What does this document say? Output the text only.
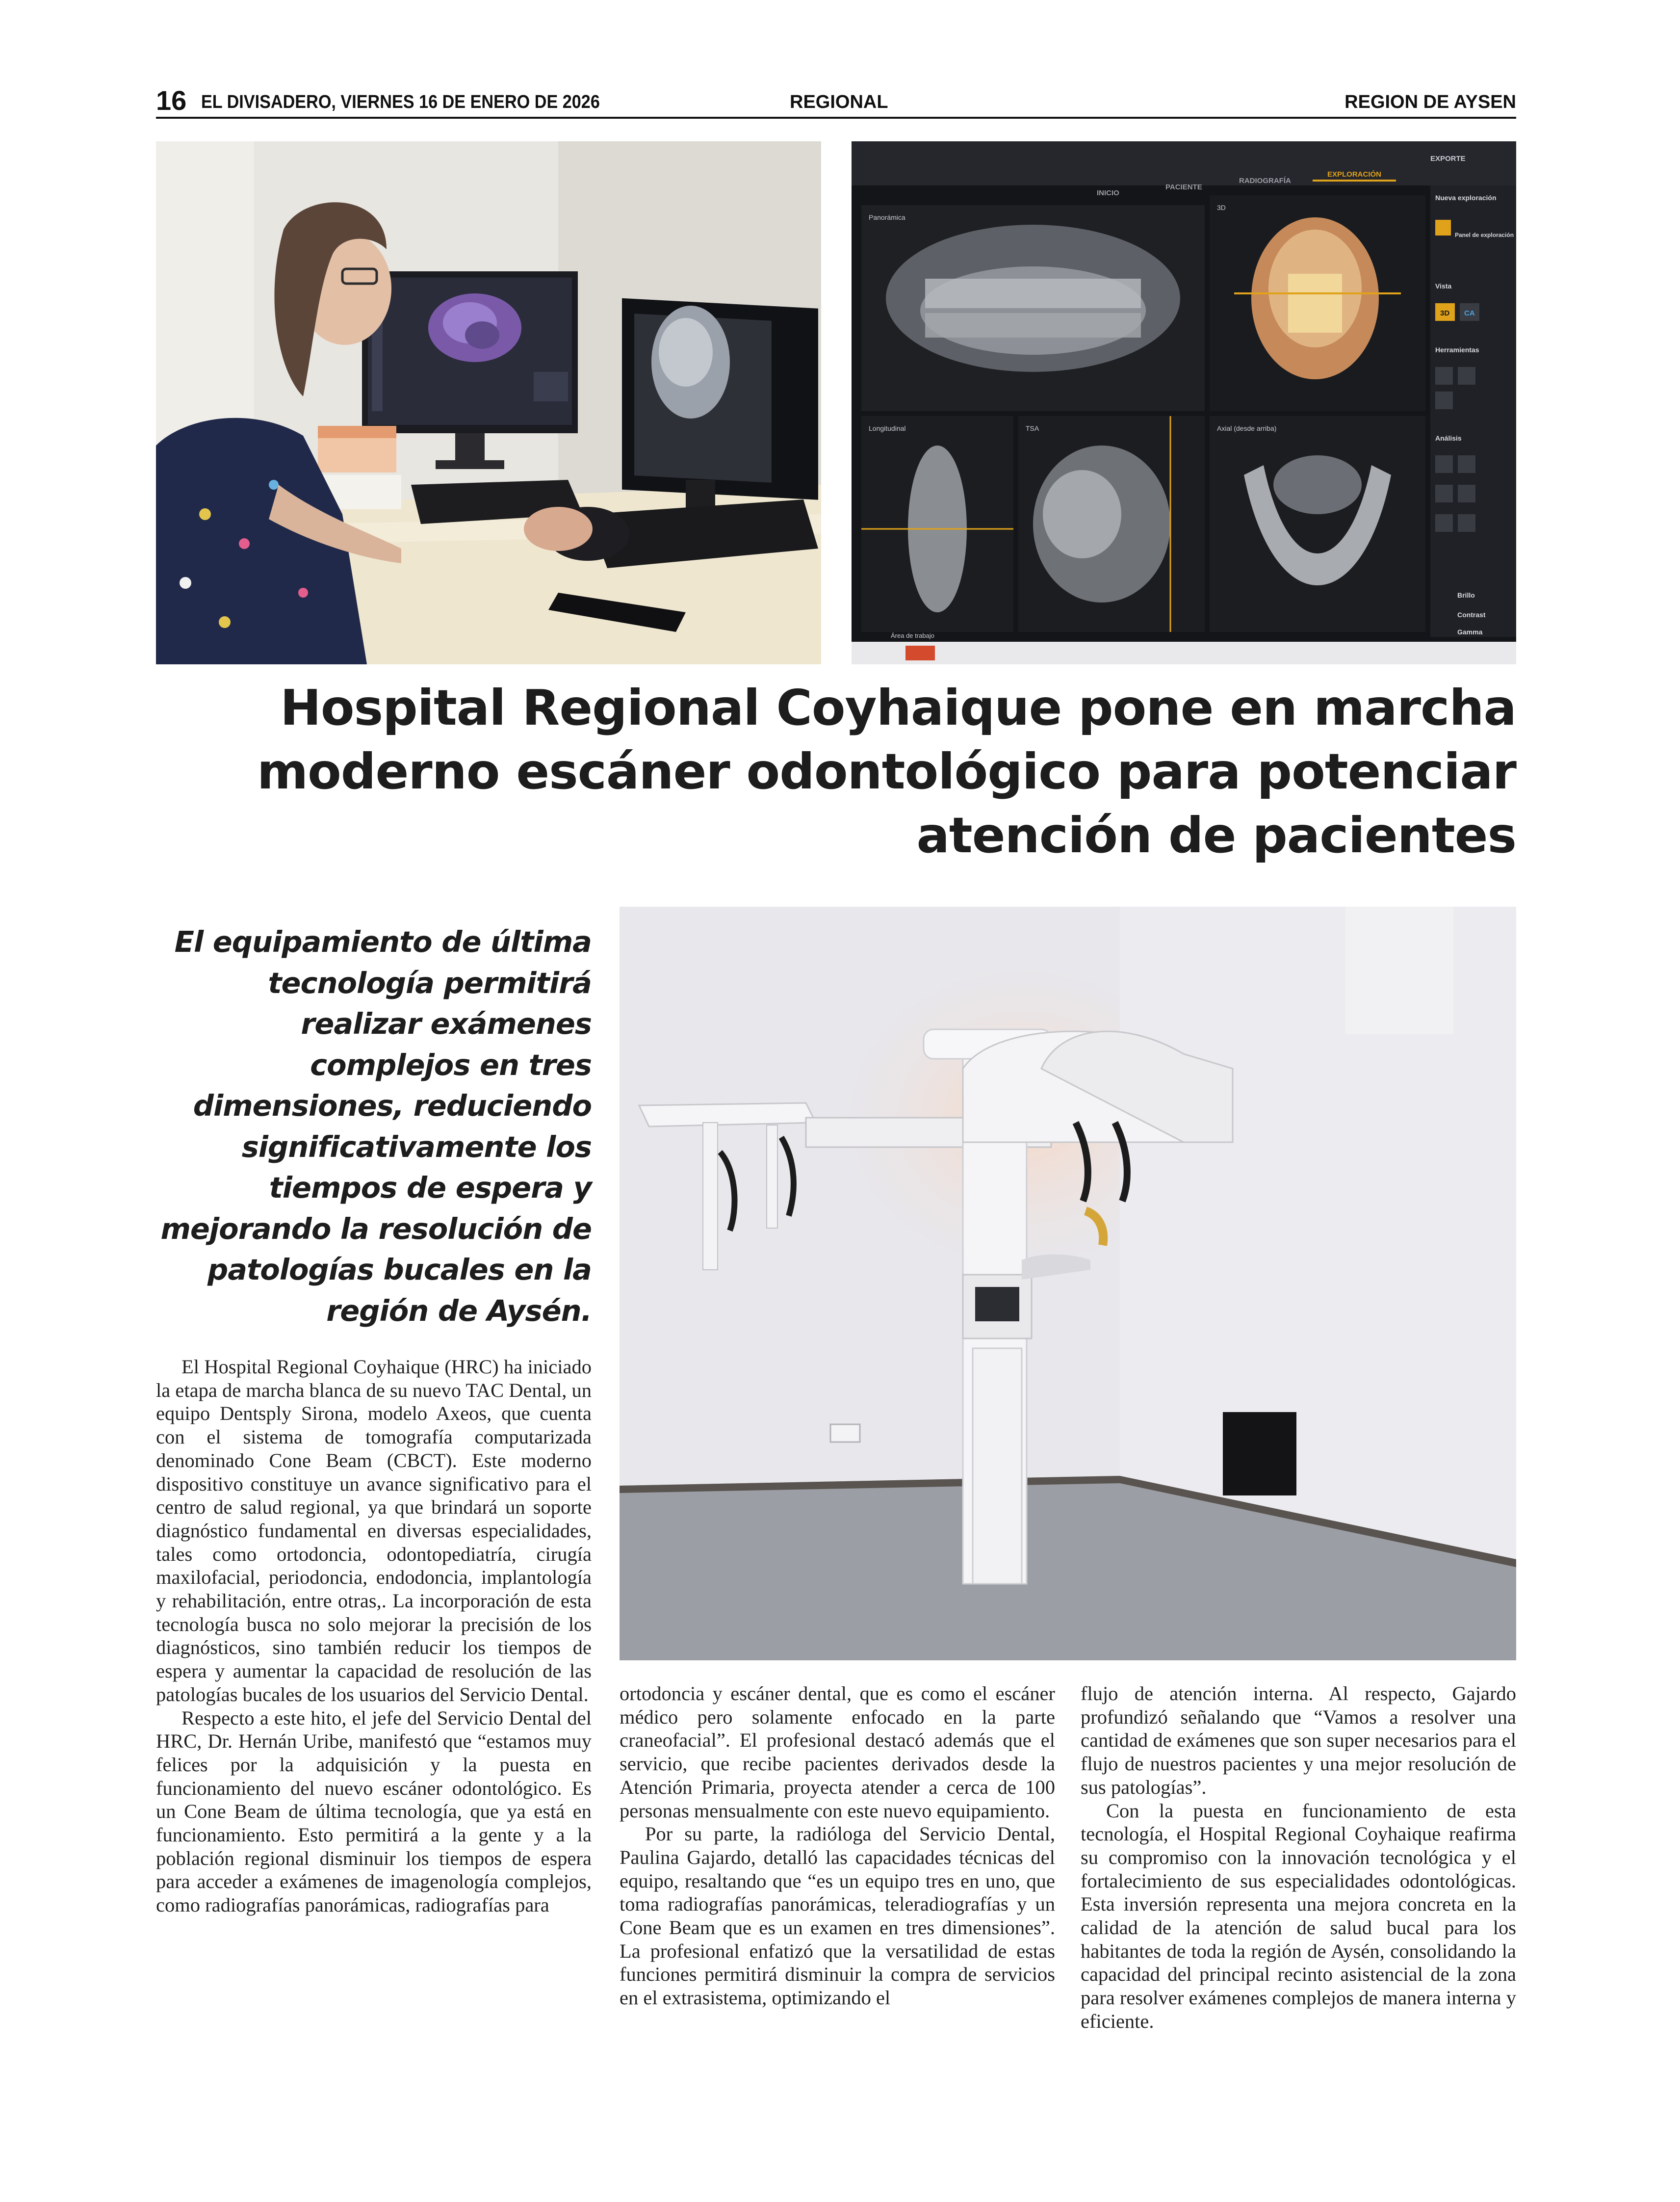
16 EL DIVISADERO, VIERNES 16 DE ENERO DE 2026	REGIONAL	REGION DE AYSEN
INICIO
PACIENTE
RADIOGRAFÍA
EXPLORACIÓN
EXPORTE
Panorámica
3D
Longitudinal	TSA	Axial (desde arriba)
Área de trabajo
Nueva exploración
Panel de exploración
Vista
Herramientas
Análisis
Brillo
Contrast
Gamma
3D CA
Hospital Regional Coyhaique pone en marcha moderno escáner odontológico para potenciar atención de pacientes
El equipamiento de última tecnología permitirá realizar exámenes complejos en tres dimensiones, reduciendo significativamente los tiempos de espera y mejorando la resolución de patologías bucales en la región de Aysén.

El Hospital Regional Coyhaique (HRC) ha iniciado la etapa de marcha blanca de su nuevo TAC Dental, un equipo Dentsply Sirona, modelo Axeos, que cuenta con el sistema de tomografía computarizada denominado Cone Beam (CBCT). Este moderno dispositivo constituye un avance significativo para el centro de salud regional, ya que brindará un soporte diagnóstico fundamental en diversas especialidades, tales como ortodoncia, odontopediatría, cirugía maxilofacial, periodoncia, endodoncia, implantología y rehabilitación, entre otras,. La incorporación de esta tecnología busca no solo mejorar la precisión de los diagnósticos, sino también reducir los tiempos de espera y aumentar la capacidad de resolución de las patologías bucales de los usuarios del Servicio Dental.

Respecto a este hito, el jefe del Servicio Dental del HRC, Dr. Hernán Uribe, manifestó que “estamos muy felices por la adquisición y la puesta en funcionamiento del nuevo escáner odontológico. Es un Cone Beam de última tecnología, que ya está en funcionamiento. Esto permitirá a la gente y a la población regional disminuir los tiempos de espera para acceder a exámenes de imagenología complejos, como radiografías panorámicas, radiografías para

ortodoncia y escáner dental, que es como el escáner médico pero solamente enfocado en la parte craneofacial”. El profesional destacó además que el servicio, que recibe pacientes derivados desde la Atención Primaria, proyecta atender a cerca de 100 personas mensualmente con este nuevo equipamiento.

Por su parte, la radióloga del Servicio Dental, Paulina Gajardo, detalló las capacidades técnicas del equipo, resaltando que “es un equipo tres en uno, que toma radiografías panorámicas, teleradiografías y un Cone Beam que es un examen en tres dimensiones”. La profesional enfatizó que la versatilidad de estas funciones permitirá disminuir la compra de servicios en el extrasistema, optimizando el

flujo de atención interna. Al respecto, Gajardo profundizó señalando que “Vamos a resolver una cantidad de exámenes que son super necesarios para el flujo de nuestros pacientes y una mejor resolución de sus patologías”.

Con la puesta en funcionamiento de esta tecnología, el Hospital Regional Coyhaique reafirma su compromiso con la innovación tecnológica y el fortalecimiento de sus especialidades odontológicas. Esta inversión representa una mejora concreta en la calidad de la atención de salud bucal para los habitantes de toda la región de Aysén, consolidando la capacidad del principal recinto asistencial de la zona para resolver exámenes complejos de manera interna y eficiente.
